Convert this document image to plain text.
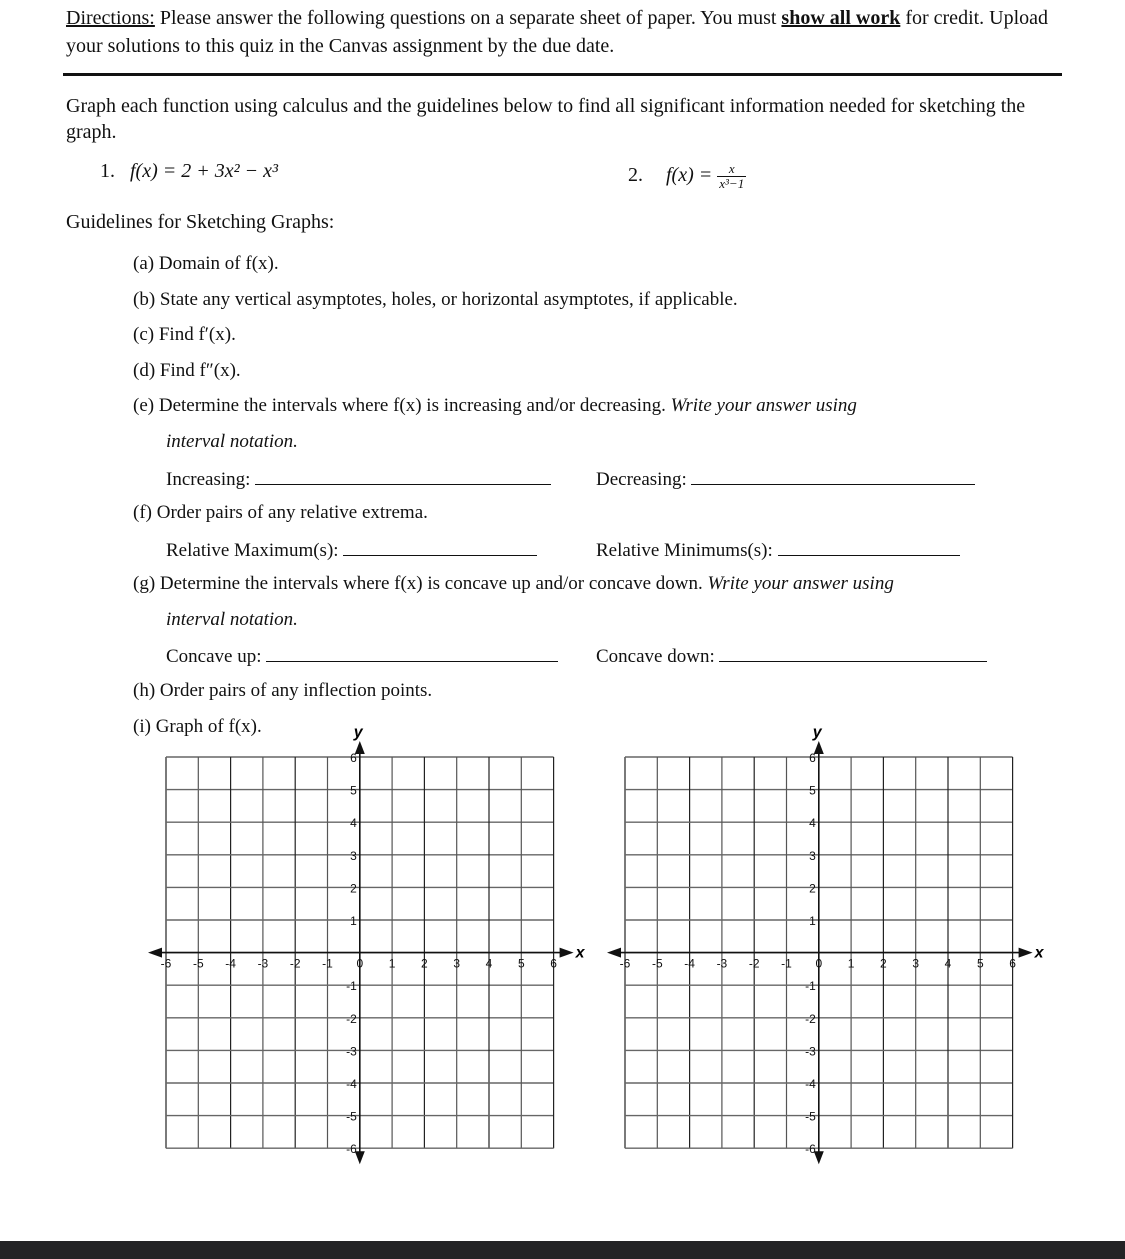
Directions: Please answer the following questions on a separate sheet of paper. You must show all work for credit. Upload your solutions to this quiz in the Canvas assignment by the due date.
Graph each function using calculus and the guidelines below to find all significant information needed for sketching the graph.
1. f(x) = 2 + 3x² − x³	2. $f(x) = \frac{x}{\text{x³−1}}$
Guidelines for Sketching Graphs:
(a) Domain of f(x).
(b) State any vertical asymptotes, holes, or horizontal asymptotes, if applicable.
(c) Find f′(x).
(d) Find f″(x).
(e) Determine the intervals where f(x) is increasing and/or decreasing. Write your answer using
interval notation.
Increasing:	Decreasing:
(f) Order pairs of any relative extrema.
Relative Maximum(s):	Relative Minimums(s):
(g) Determine the intervals where f(x) is concave up and/or concave down. Write your answer using
interval notation.
Concave up:	Concave down:
(h) Order pairs of any inflection points.
(i) Graph of f(x).
x
y
-6 -5 -4 -3 -2 -1 0 1 2 3 4 5 6
6
5
4
3
2
1
-1
-2
-3
-4
-5
-6
x
y
-6 -5 -4 -3 -2 -1 0 1 2 3 4 5 6
6
5
4
3
2
1
-1
-2
-3
-4
-5
-6
